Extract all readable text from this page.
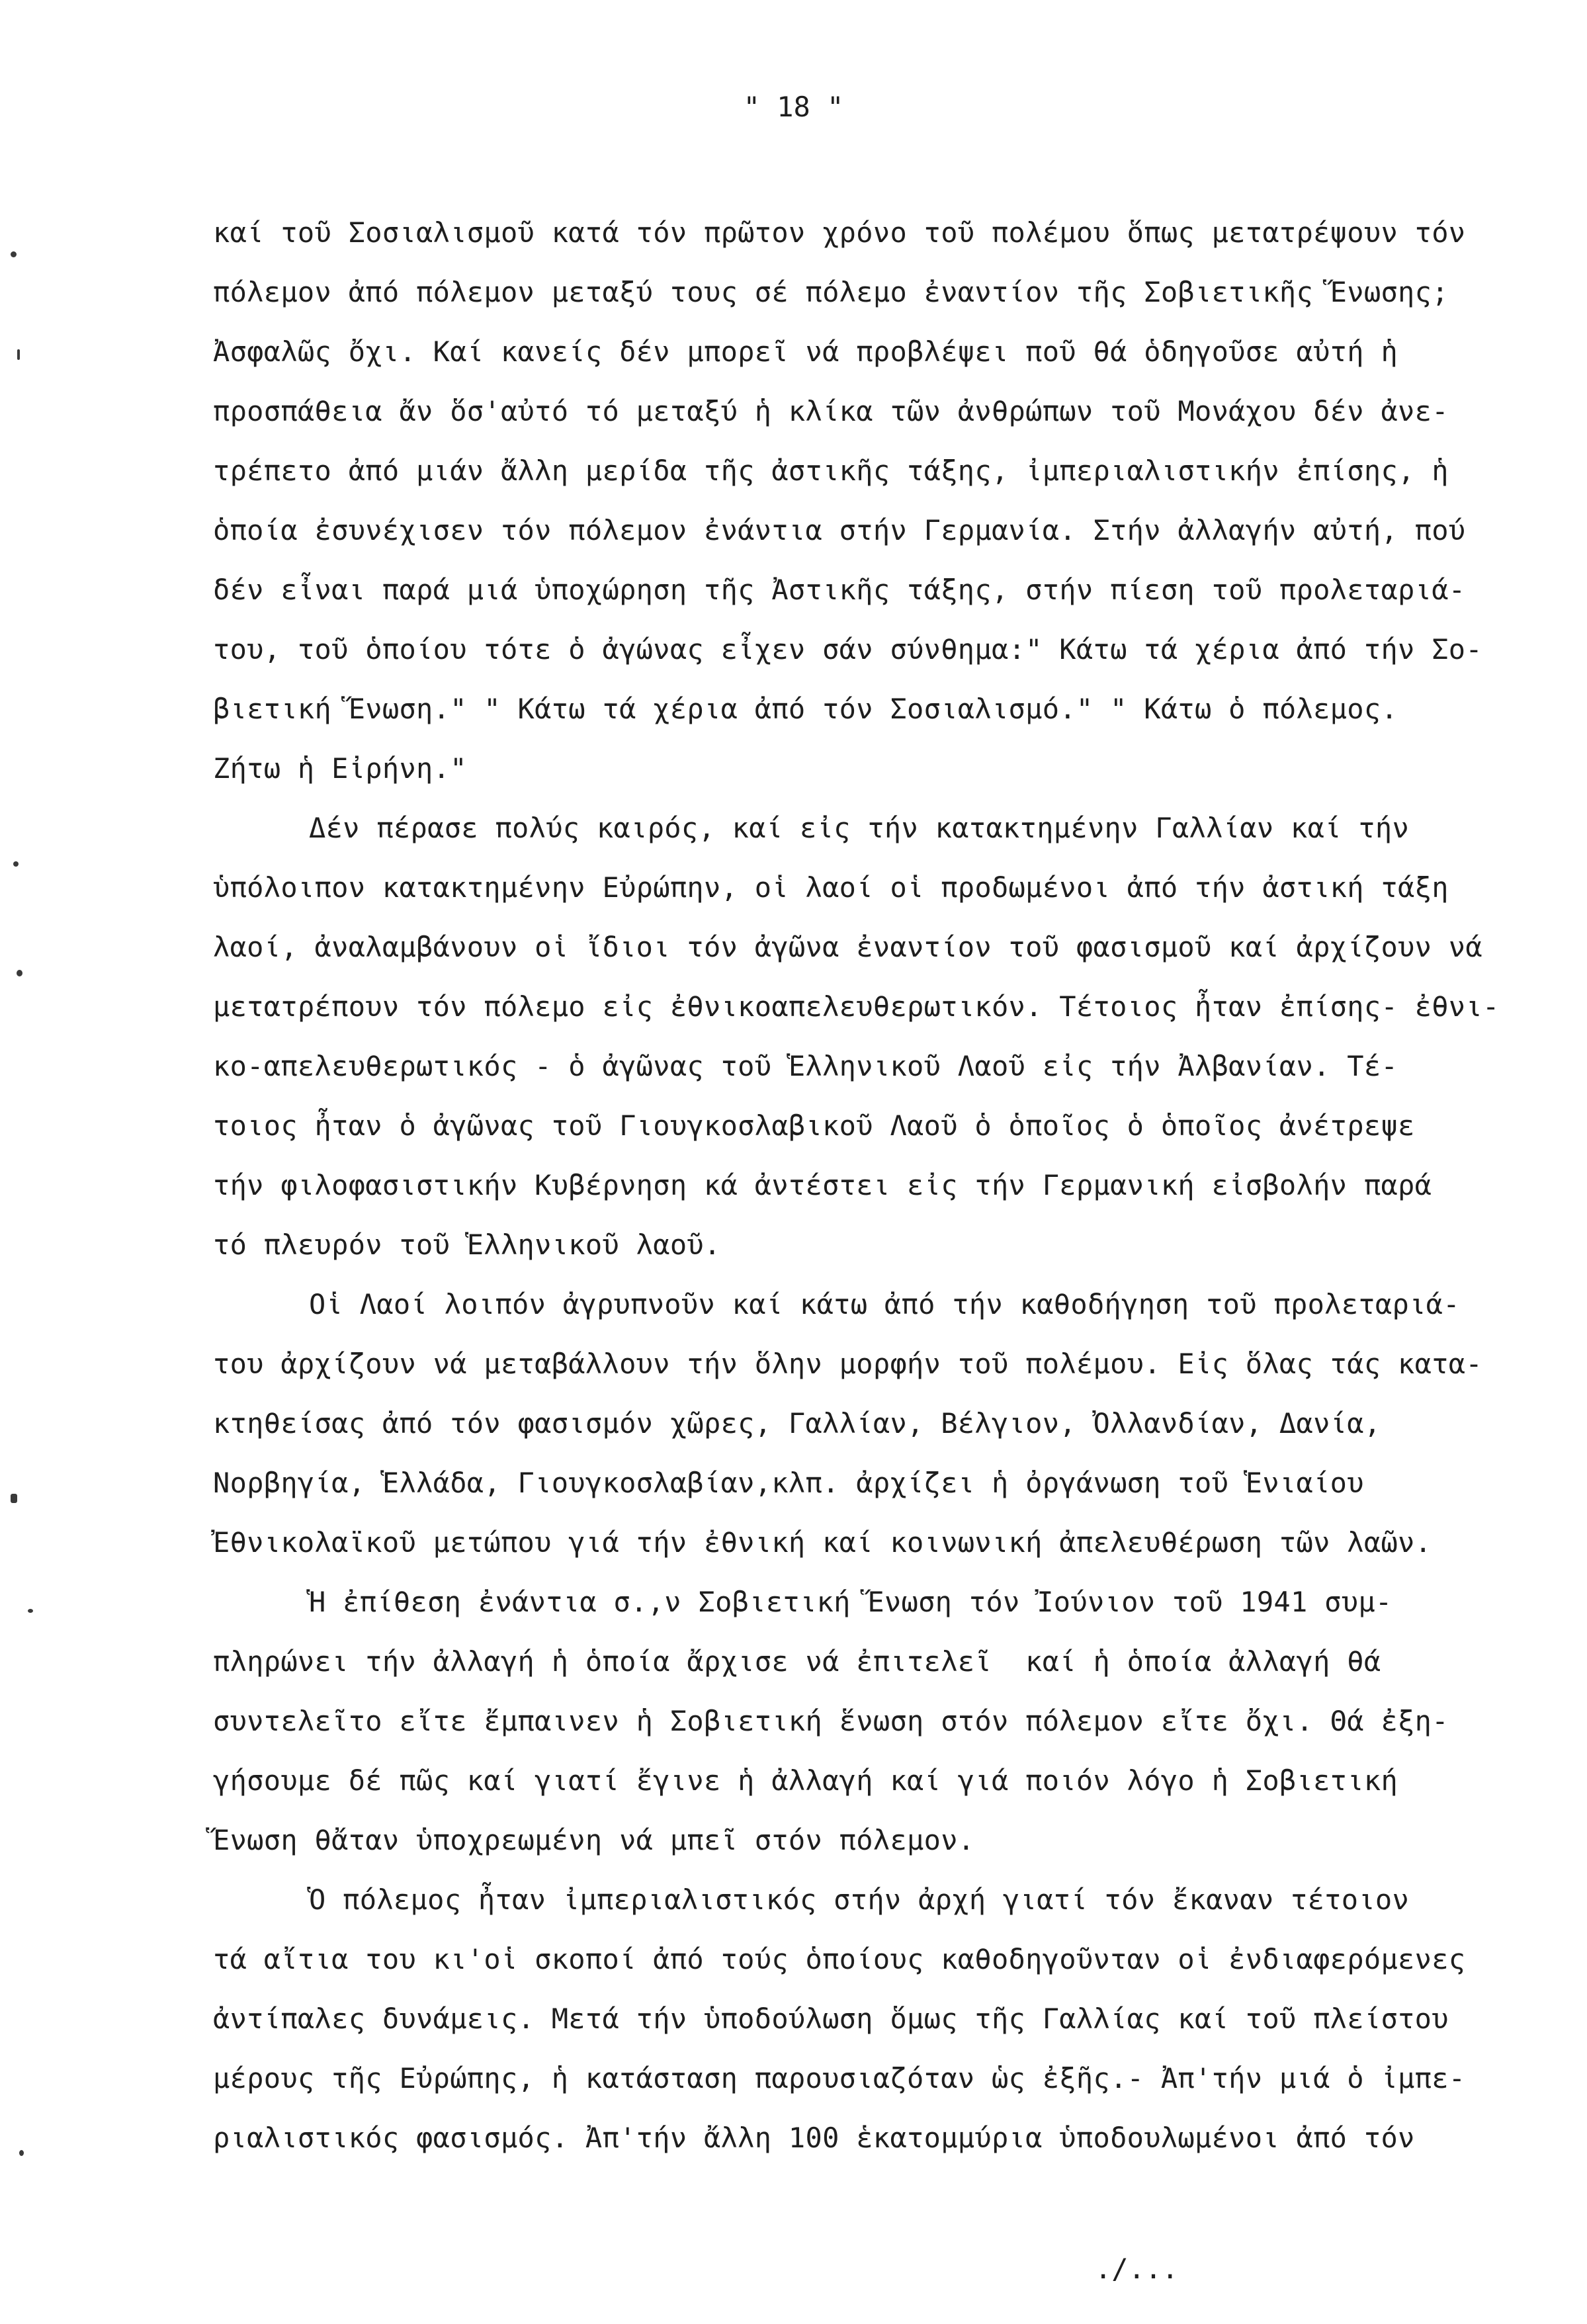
" 18 "
καί τοῦ Σοσιαλισμοῦ κατά τόν πρῶτον χρόνο τοῦ πολέμου ὅπως μετατρέψουν τόν
πόλεμον ἀπό πόλεμον μεταξύ τους σέ πόλεμο ἐναντίον τῆς Σοβιετικῆς Ἕνωσης;
Ἀσφαλῶς ὄχι. Καί κανείς δέν μπορεῖ νά προβλέψει ποῦ θά ὁδηγοῦσε αὐτή ἡ
προσπάθεια ἄν ὅσ'αὐτό τό μεταξύ ἡ κλίκα τῶν ἀνθρώπων τοῦ Μονάχου δέν ἀνε-
τρέπετο ἀπό μιάν ἄλλη μερίδα τῆς ἀστικῆς τάξης, ἰμπεριαλιστικήν ἐπίσης, ἡ
ὁποία ἐσυνέχισεν τόν πόλεμον ἐνάντια στήν Γερμανία. Στήν ἀλλαγήν αὐτή, πού
δέν εἶναι παρά μιά ὑποχώρηση τῆς Ἀστικῆς τάξης, στήν πίεση τοῦ προλεταριά-
του, τοῦ ὁποίου τότε ὁ ἀγώνας εἶχεν σάν σύνθημα:" Κάτω τά χέρια ἀπό τήν Σο-
βιετική Ἕνωση." " Κάτω τά χέρια ἀπό τόν Σοσιαλισμό." " Κάτω ὁ πόλεμος.
Ζήτω ἡ Εἰρήνη."
Δέν πέρασε πολύς καιρός, καί εἰς τήν κατακτημένην Γαλλίαν καί τήν
ὑπόλοιπον κατακτημένην Εὐρώπην, οἱ λαοί οἱ προδωμένοι ἀπό τήν ἀστική τάξη
λαοί, ἀναλαμβάνουν οἱ ἴδιοι τόν ἀγῶνα ἐναντίον τοῦ φασισμοῦ καί ἀρχίζουν νά
μετατρέπουν τόν πόλεμο εἰς ἐθνικοαπελευθερωτικόν. Τέτοιος ἦταν ἐπίσης- ἐθνι-
κο-απελευθερωτικός - ὁ ἀγῶνας τοῦ Ἑλληνικοῦ Λαοῦ εἰς τήν Ἀλβανίαν. Τέ-
τοιος ἦταν ὁ ἀγῶνας τοῦ Γιουγκοσλαβικοῦ Λαοῦ ὁ ὁποῖος ὁ ὁποῖος ἀνέτρεψε
τήν φιλοφασιστικήν Κυβέρνηση κά ἀντέστει εἰς τήν Γερμανική εἰσβολήν παρά
τό πλευρόν τοῦ Ἑλληνικοῦ λαοῦ.
Οἱ Λαοί λοιπόν ἀγρυπνοῦν καί κάτω ἀπό τήν καθοδήγηση τοῦ προλεταριά-
του ἀρχίζουν νά μεταβάλλουν τήν ὅλην μορφήν τοῦ πολέμου. Εἰς ὅλας τάς κατα-
κτηθείσας ἀπό τόν φασισμόν χῶρες, Γαλλίαν, Βέλγιον, Ὀλλανδίαν, Δανία,
Νορβηγία, Ἑλλάδα, Γιουγκοσλαβίαν,κλπ. ἀρχίζει ἡ ὀργάνωση τοῦ Ἑνιαίου
Ἐθνικολαϊκοῦ μετώπου γιά τήν ἐθνική καί κοινωνική ἀπελευθέρωση τῶν λαῶν.
Ἡ ἐπίθεση ἐνάντια σ.,ν Σοβιετική Ἕνωση τόν Ἰούνιον τοῦ 1941 συμ-
πληρώνει τήν ἀλλαγή ἡ ὁποία ἄρχισε νά ἐπιτελεῖ  καί ἡ ὁποία ἀλλαγή θά
συντελεῖτο εἴτε ἔμπαινεν ἡ Σοβιετική ἕνωση στόν πόλεμον εἴτε ὄχι. Θά ἐξη-
γήσουμε δέ πῶς καί γιατί ἔγινε ἡ ἀλλαγή καί γιά ποιόν λόγο ἡ Σοβιετική
Ἕνωση θἄταν ὑποχρεωμένη νά μπεῖ στόν πόλεμον.
Ὁ πόλεμος ἦταν ἰμπεριαλιστικός στήν ἀρχή γιατί τόν ἔκαναν τέτοιον
τά αἴτια του κι'οἱ σκοποί ἀπό τούς ὁποίους καθοδηγοῦνταν οἱ ἐνδιαφερόμενες
ἀντίπαλες δυνάμεις. Μετά τήν ὑποδούλωση ὅμως τῆς Γαλλίας καί τοῦ πλείστου
μέρους τῆς Εὐρώπης, ἡ κατάσταση παρουσιαζόταν ὡς ἐξῆς.- Ἀπ'τήν μιά ὁ ἰμπε-
ριαλιστικός φασισμός. Ἀπ'τήν ἄλλη 100 ἑκατομμύρια ὑποδουλωμένοι ἀπό τόν
./...
